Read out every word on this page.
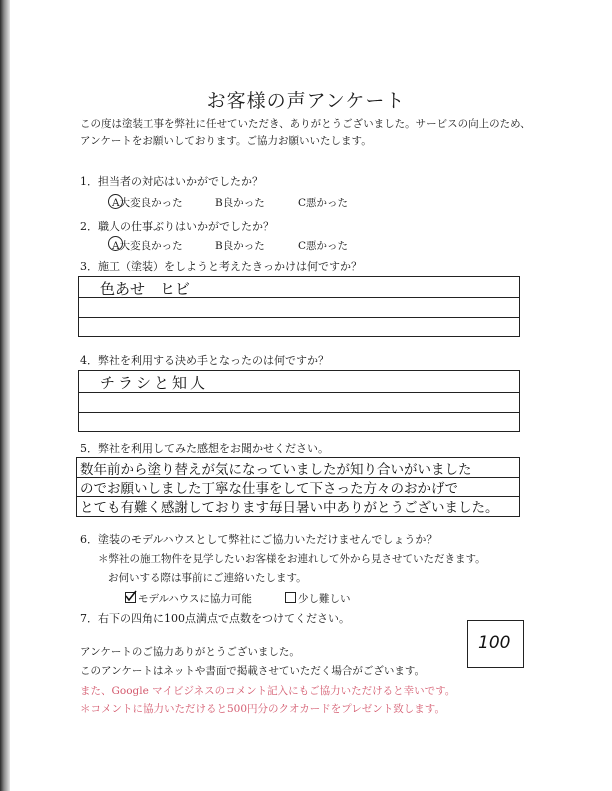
お客様の声アンケート
この度は塗装工事を弊社に任せていただき、ありがとうございました。サービスの向上のため、アンケートをお願いしております。ご協力お願いいたします。
1．担当者の対応はいかがでしたか？
A大変良かった	B良かった	C悪かった
2．職人の仕事ぶりはいかがでしたか？
A大変良かった	B良かった	C悪かった
3．施工（塗装）をしようと考えたきっかけは何ですか？
色あせ　ヒビ
4．弊社を利用する決め手となったのは何ですか？
チラシと知人
5．弊社を利用してみた感想をお聞かせください。
数年前から塗り替えが気になっていましたが知り合いがいました
のでお願いしました丁寧な仕事をして下さった方々のおかげで
とても有難く感謝しております毎日暑い中ありがとうございました。
6．塗装のモデルハウスとして弊社にご協力いただけませんでしょうか？
＊弊社の施工物件を見学したいお客様をお連れして外から見させていただきます。
お伺いする際は事前にご連絡いたします。
モデルハウスに協力可能	少し難しい
7．右下の四角に100点満点で点数をつけてください。
100
アンケートのご協力ありがとうございました。
このアンケートはネットや書面で掲載させていただく場合がございます。
また、Google マイビジネスのコメント記入にもご協力いただけると幸いです。
＊コメントに協力いただけると500円分のクオカードをプレゼント致します。
